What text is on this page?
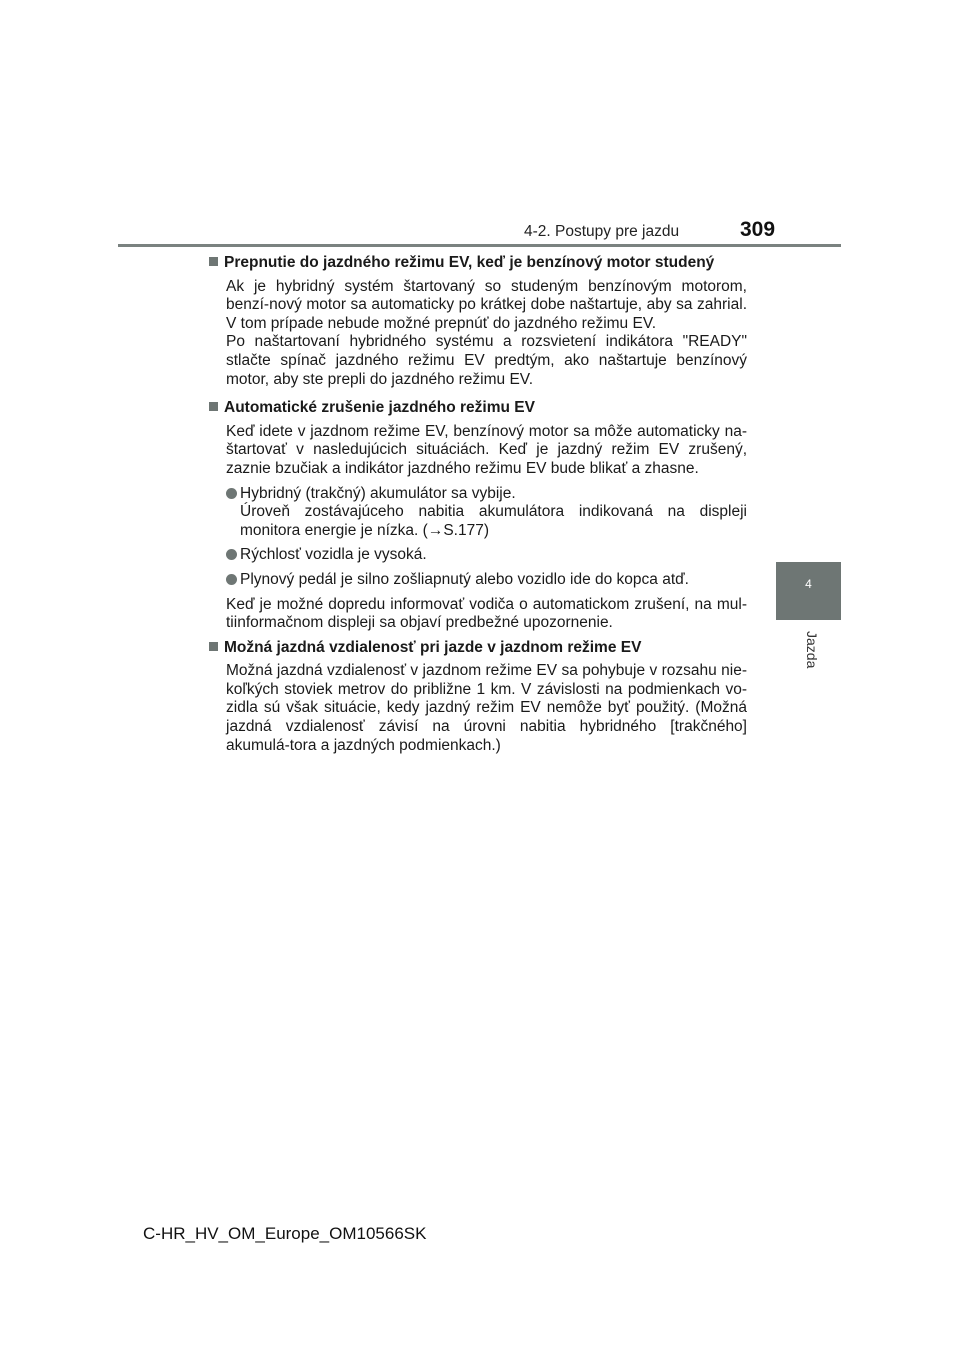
4-2. Postupy pre jazdu	309
4
Jazda
Prepnutie do jazdného režimu EV, keď je benzínový motor studený

Ak je hybridný systém štartovaný so studeným benzínovým motorom, benzí-nový motor sa automaticky po krátkej dobe naštartuje, aby sa zahrial. V tom prípade nebude možné prepnúť do jazdného režimu EV.

Po naštartovaní hybridného systému a rozsvietení indikátora "READY" stlačte spínač jazdného režimu EV predtým, ako naštartuje benzínový motor, aby ste prepli do jazdného režimu EV.

Automatické zrušenie jazdného režimu EV

Keď idete v jazdnom režime EV, benzínový motor sa môže automaticky na-štartovať v nasledujúcich situáciách. Keď je jazdný režim EV zrušený, zaznie bzučiak a indikátor jazdného režimu EV bude blikať a zhasne.

Hybridný (trakčný) akumulátor sa vybije.
Úroveň zostávajúceho nabitia akumulátora indikovaná na displeji monitora energie je nízka. (→S.177)
Rýchlosť vozidla je vysoká.
Plynový pedál je silno zošliapnutý alebo vozidlo ide do kopca atď.

Keď je možné dopredu informovať vodiča o automatickom zrušení, na mul-tiinformačnom displeji sa objaví predbežné upozornenie.

Možná jazdná vzdialenosť pri jazde v jazdnom režime EV

Možná jazdná vzdialenosť v jazdnom režime EV sa pohybuje v rozsahu nie-koľkých stoviek metrov do približne 1 km. V závislosti na podmienkach vo-zidla sú však situácie, kedy jazdný režim EV nemôže byť použitý. (Možná jazdná vzdialenosť závisí na úrovni nabitia hybridného [trakčného] akumulá-tora a jazdných podmienkach.)

C-HR_HV_OM_Europe_OM10566SK
